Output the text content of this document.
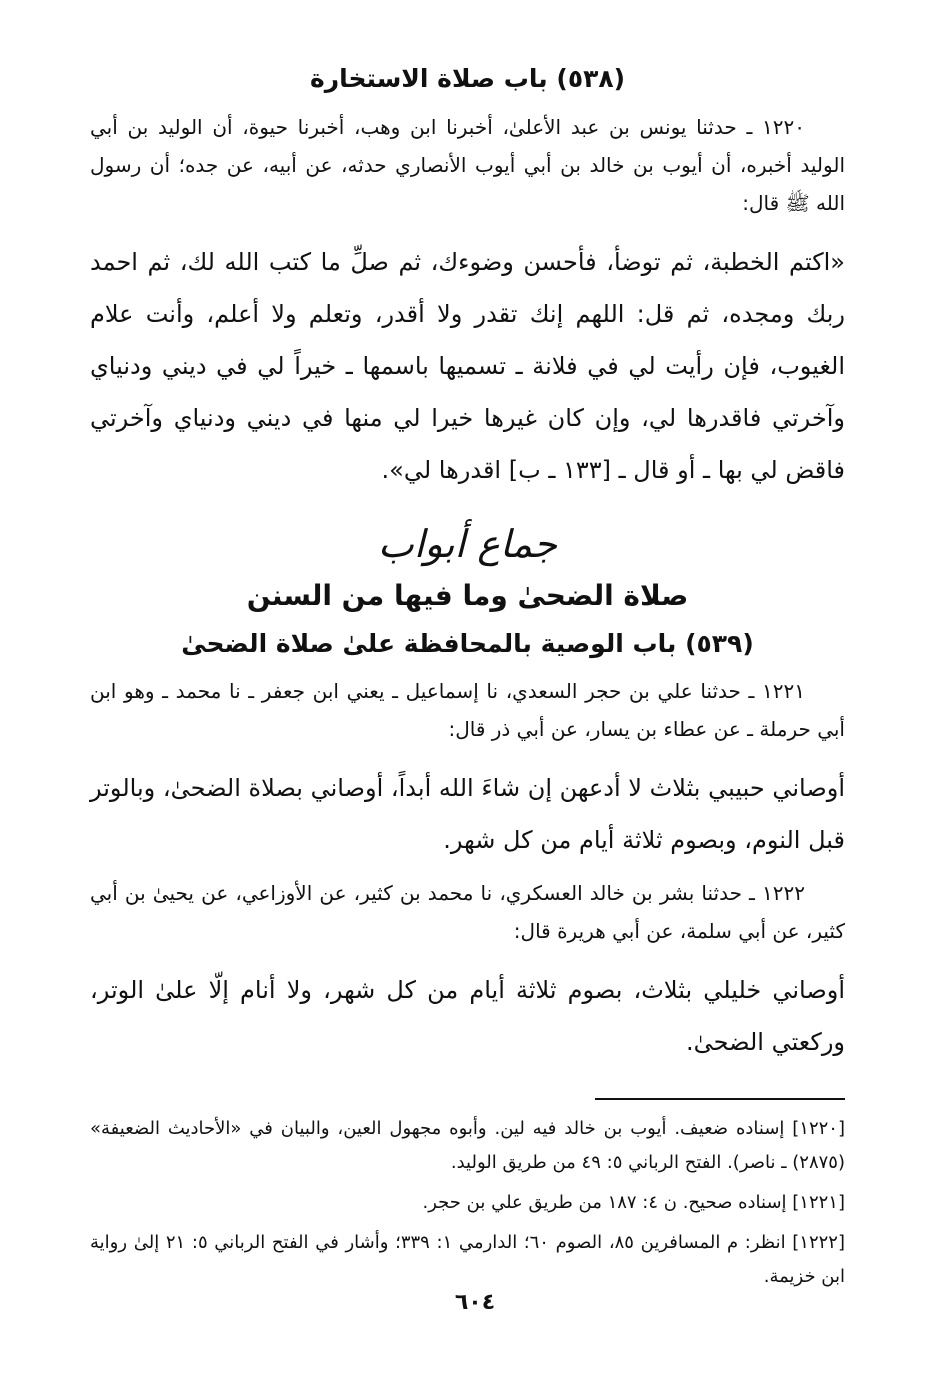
(٥٣٨) باب صلاة الاستخارة

١٢٢٠ ـ حدثنا يونس بن عبد الأعلىٰ، أخبرنا ابن وهب، أخبرنا حيوة، أن الوليد بن أبي الوليد أخبره، أن أيوب بن خالد بن أبي أيوب الأنصاري حدثه، عن أبيه، عن جده؛ أن رسول الله ﷺ قال:

«اكتم الخطبة، ثم توضأ، فأحسن وضوءك، ثم صلِّ ما كتب الله لك، ثم احمد ربك ومجده، ثم قل: اللهم إنك تقدر ولا أقدر، وتعلم ولا أعلم، وأنت علام الغيوب، فإن رأيت لي في فلانة ـ تسميها باسمها ـ خيراً لي في ديني ودنياي وآخرتي فاقدرها لي، وإن كان غيرها خيرا لي منها في ديني ودنياي وآخرتي فاقض لي بها ـ أو قال ـ [١٣٣ ـ ب] اقدرها لي».

جماع أبواب
صلاة الضحىٰ وما فيها من السنن
(٥٣٩) باب الوصية بالمحافظة علىٰ صلاة الضحىٰ

١٢٢١ ـ حدثنا علي بن حجر السعدي، نا إسماعيل ـ يعني ابن جعفر ـ نا محمد ـ وهو ابن أبي حرملة ـ عن عطاء بن يسار، عن أبي ذر قال:

أوصاني حبيبي بثلاث لا أدعهن إن شاءَ الله أبداً، أوصاني بصلاة الضحىٰ، وبالوتر قبل النوم، وبصوم ثلاثة أيام من كل شهر.

١٢٢٢ ـ حدثنا بشر بن خالد العسكري، نا محمد بن كثير، عن الأوزاعي، عن يحيىٰ بن أبي كثير، عن أبي سلمة، عن أبي هريرة قال:

أوصاني خليلي بثلاث، بصوم ثلاثة أيام من كل شهر، ولا أنام إلّا علىٰ الوتر، وركعتي الضحىٰ.

[١٢٢٠] إسناده ضعيف. أيوب بن خالد فيه لين. وأبوه مجهول العين، والبيان في «الأحاديث الضعيفة» (٢٨٧٥) ـ ناصر). الفتح الرباني ٥: ٤٩ من طريق الوليد.

[١٢٢١] إسناده صحيح. ن ٤: ١٨٧ من طريق علي بن حجر.

[١٢٢٢] انظر: م المسافرين ٨٥، الصوم ٦٠؛ الدارمي ١: ٣٣٩؛ وأشار في الفتح الرباني ٥: ٢١ إلىٰ رواية ابن خزيمة.

٦٠٤
